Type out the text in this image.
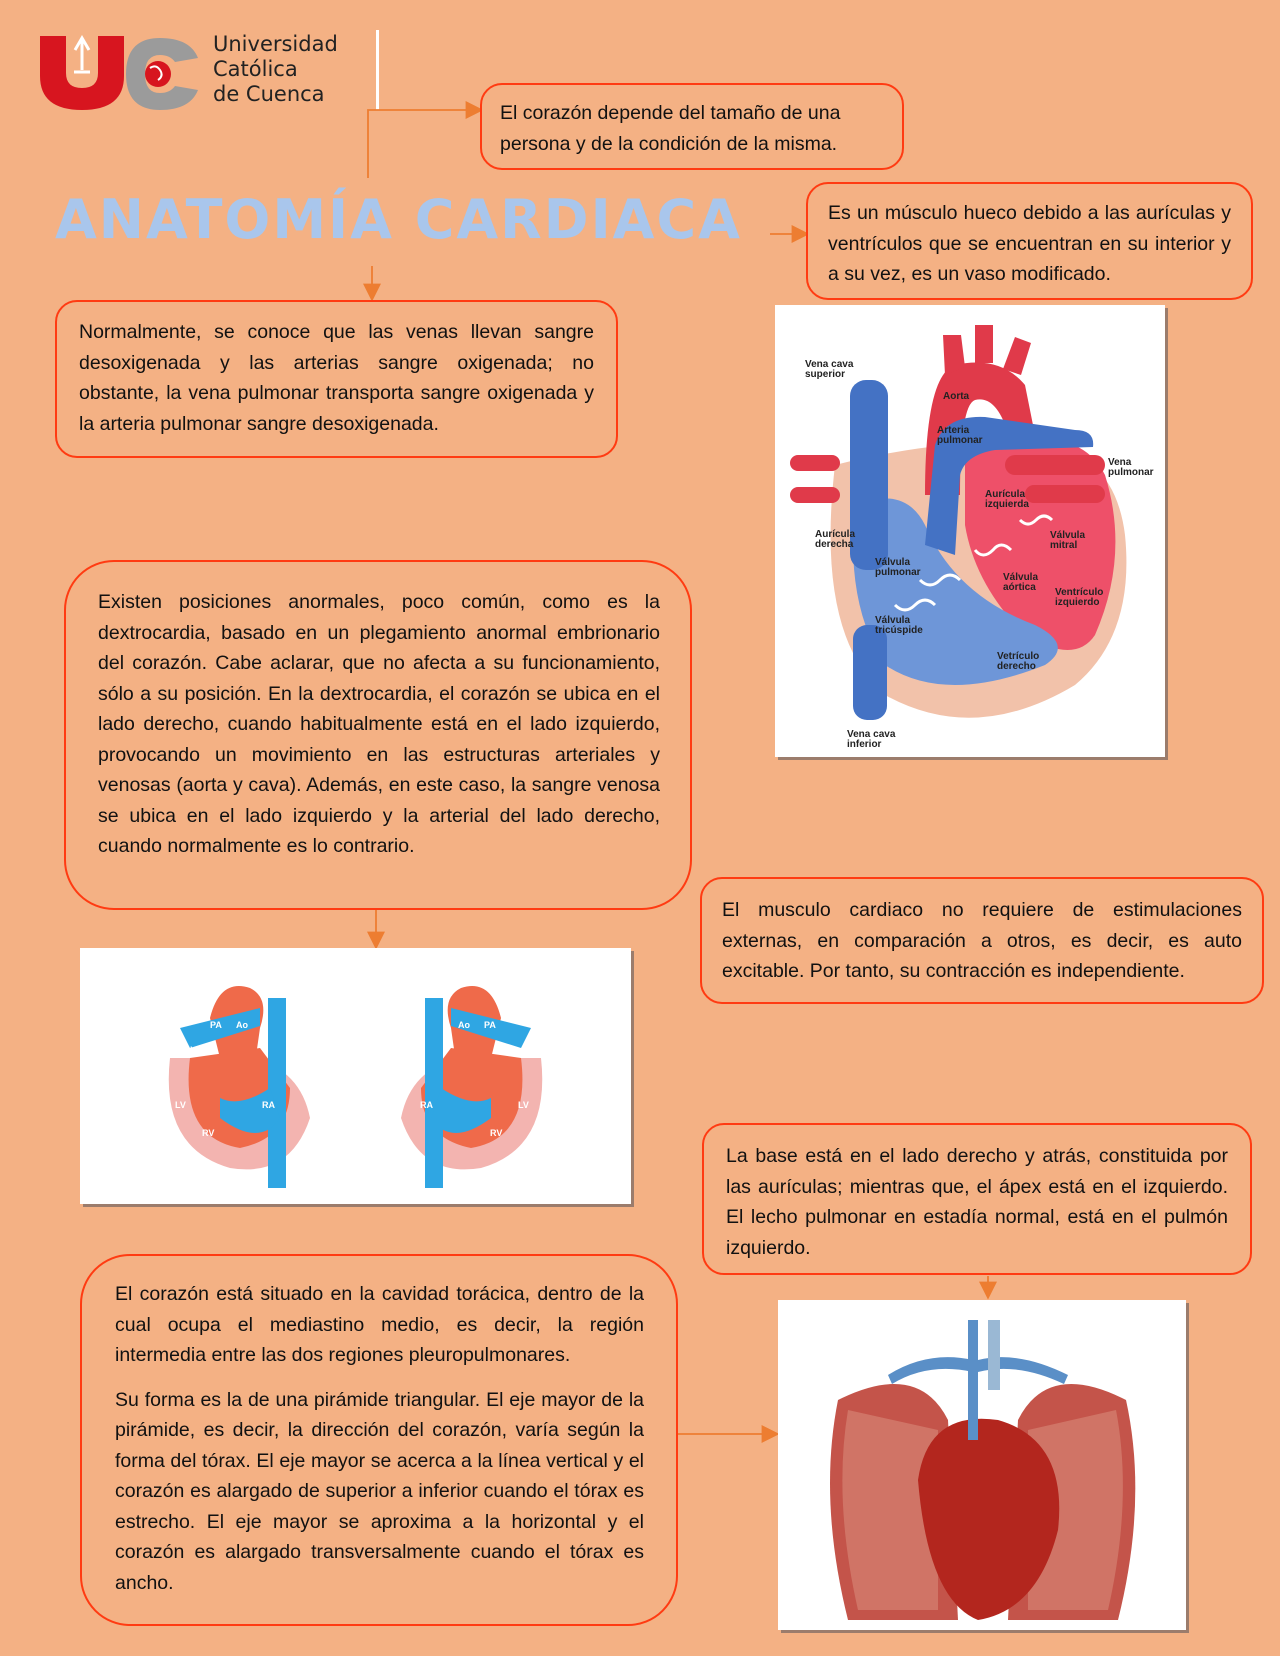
Universidad
Católica
de Cuenca
ANATOMÍA CARDIACA

El corazón depende del tamaño de una persona y de la condición de la misma.

Es un músculo hueco debido a las aurículas y ventrículos que se encuentran en su interior y a su vez, es un vaso modificado.

Normalmente, se conoce que las venas llevan sangre desoxigenada y las arterias sangre oxigenada; no obstante, la vena pulmonar transporta sangre oxigenada y la arteria pulmonar sangre desoxigenada.

Existen posiciones anormales, poco común, como es la dextrocardia, basado en un plegamiento anormal embrionario del corazón. Cabe aclarar, que no afecta a su funcionamiento, sólo a su posición. En la dextrocardia, el corazón se ubica en el lado derecho, cuando habitualmente está en el lado izquierdo, provocando un movimiento en las estructuras arteriales y venosas (aorta y cava). Además, en este caso, la sangre venosa se ubica en el lado izquierdo y la arterial del lado derecho, cuando normalmente es lo contrario.

El musculo cardiaco no requiere de estimulaciones externas, en comparación a otros, es decir, es auto excitable. Por tanto, su contracción es independiente.

La base está en el lado derecho y atrás, constituida por las aurículas; mientras que, el ápex está en el izquierdo. El lecho pulmonar en estadía normal, está en el pulmón izquierdo.

El corazón está situado en la cavidad torácica, dentro de la cual ocupa el mediastino medio, es decir, la región intermedia entre las dos regiones pleuropulmonares.

Su forma es la de una pirámide triangular. El eje mayor de la pirámide, es decir, la dirección del corazón, varía según la forma del tórax. El eje mayor se acerca a la línea vertical y el corazón es alargado de superior a inferior cuando el tórax es estrecho. El eje mayor se aproxima a la horizontal y el corazón es alargado transversalmente cuando el tórax es ancho.

Vena cava
superior
Aorta
Arteria
pulmonar
Vena
pulmonar
Aurícula
izquierda
Aurícula
derecha
Válvula
mitral
Válvula
pulmonar	Válvula
aórtica Ventrículo
izquierdo
Válvula
tricúspide
Vetrículo
derecho
Vena cava
inferior
PA Ao
LA
LV	RA
RV
Ao PA
LA
LV
RA
RV
